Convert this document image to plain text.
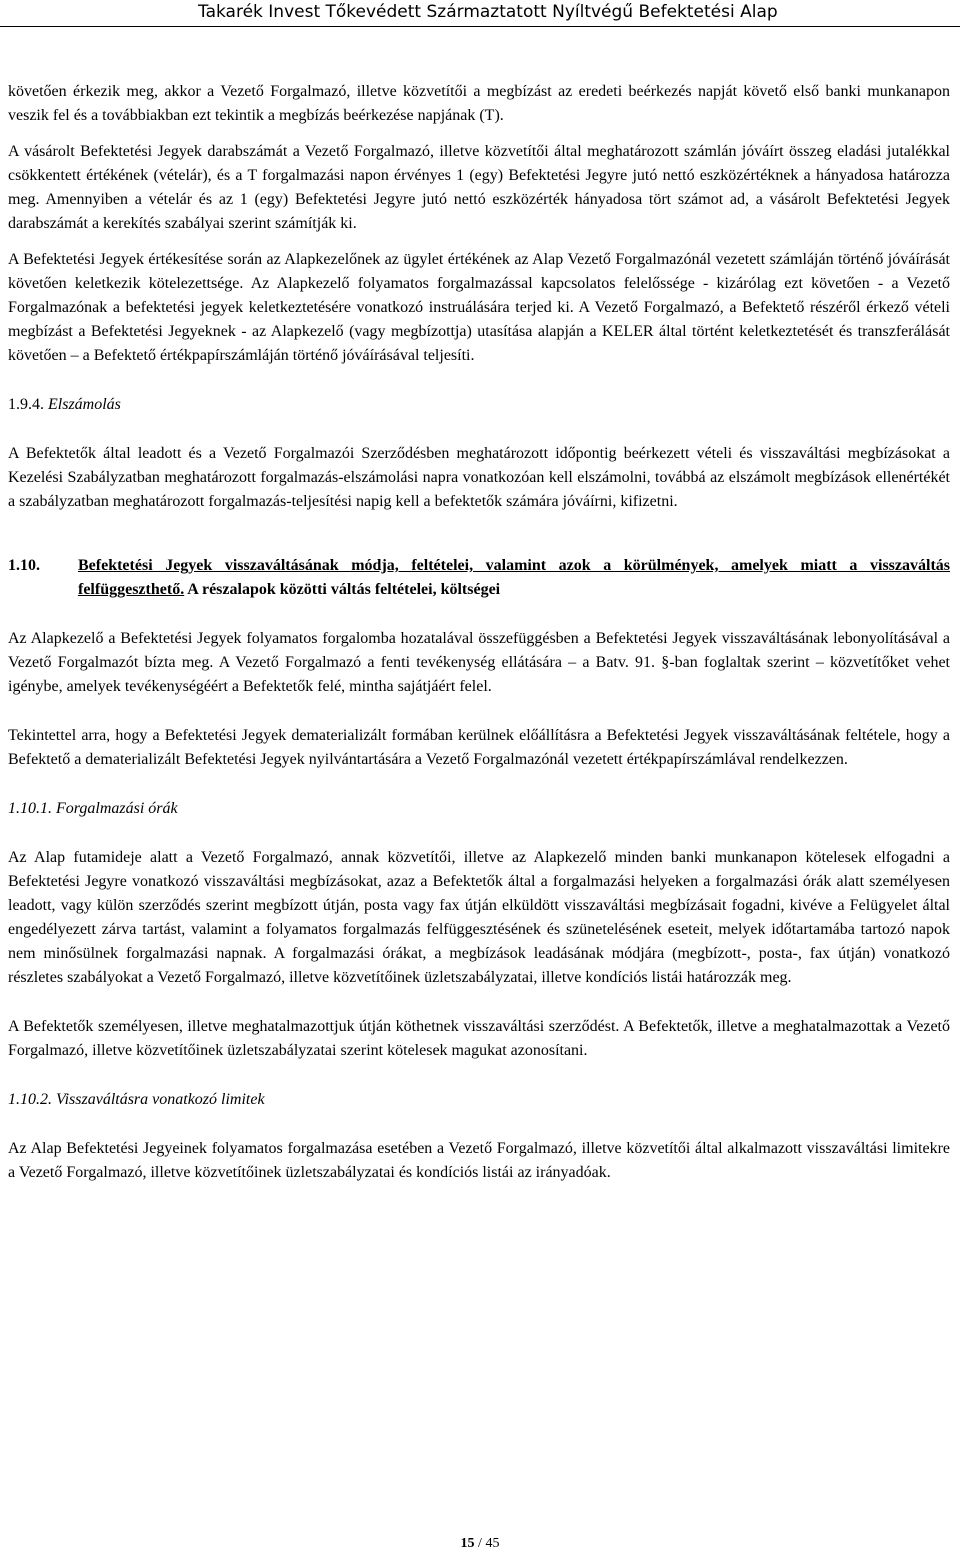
Takarék Invest Tőkevédett Származtatott Nyíltvégű Befektetési Alap

követően érkezik meg, akkor a Vezető Forgalmazó, illetve közvetítői a megbízást az eredeti beérkezés napját követő első banki munkanapon veszik fel és a továbbiakban ezt tekintik a megbízás beérkezése napjának (T).

A vásárolt Befektetési Jegyek darabszámát a Vezető Forgalmazó, illetve közvetítői által meghatározott számlán jóváírt összeg eladási jutalékkal csökkentett értékének (vételár), és a T forgalmazási napon érvényes 1 (egy) Befektetési Jegyre jutó nettó eszközértéknek a hányadosa határozza meg. Amennyiben a vételár és az 1 (egy) Befektetési Jegyre jutó nettó eszközérték hányadosa tört számot ad, a vásárolt Befektetési Jegyek darabszámát a kerekítés szabályai szerint számítják ki.

A Befektetési Jegyek értékesítése során az Alapkezelőnek az ügylet értékének az Alap Vezető Forgalmazónál vezetett számláján történő jóváírását követően keletkezik kötelezettsége. Az Alapkezelő folyamatos forgalmazással kapcsolatos felelőssége - kizárólag ezt követően - a Vezető Forgalmazónak a befektetési jegyek keletkeztetésére vonatkozó instruálására terjed ki. A Vezető Forgalmazó, a Befektető részéről érkező vételi megbízást a Befektetési Jegyeknek - az Alapkezelő (vagy megbízottja) utasítása alapján a KELER által történt keletkeztetését és transzferálását követően – a Befektető értékpapírszámláján történő jóváírásával teljesíti.

1.9.4. Elszámolás

A Befektetők által leadott és a Vezető Forgalmazói Szerződésben meghatározott időpontig beérkezett vételi és visszaváltási megbízásokat a Kezelési Szabályzatban meghatározott forgalmazás-elszámolási napra vonatkozóan kell elszámolni, továbbá az elszámolt megbízások ellenértékét a szabályzatban meghatározott forgalmazás-teljesítési napig kell a befektetők számára jóváírni, kifizetni.

1.10.	Befektetési Jegyek visszaváltásának módja, feltételei, valamint azok a körülmények, amelyek miatt a visszaváltás felfüggeszthető. A részalapok közötti váltás feltételei, költségei

Az Alapkezelő a Befektetési Jegyek folyamatos forgalomba hozatalával összefüggésben a Befektetési Jegyek visszaváltásának lebonyolításával a Vezető Forgalmazót bízta meg. A Vezető Forgalmazó a fenti tevékenység ellátására – a Batv. 91. §-ban foglaltak szerint – közvetítőket vehet igénybe, amelyek tevékenységéért a Befektetők felé, mintha sajátjáért felel.

Tekintettel arra, hogy a Befektetési Jegyek dematerializált formában kerülnek előállításra a Befektetési Jegyek visszaváltásának feltétele, hogy a Befektető a dematerializált Befektetési Jegyek nyilvántartására a Vezető Forgalmazónál vezetett értékpapírszámlával rendelkezzen.

1.10.1. Forgalmazási órák

Az Alap futamideje alatt a Vezető Forgalmazó, annak közvetítői, illetve az Alapkezelő minden banki munkanapon kötelesek elfogadni a Befektetési Jegyre vonatkozó visszaváltási megbízásokat, azaz a Befektetők által a forgalmazási helyeken a forgalmazási órák alatt személyesen leadott, vagy külön szerződés szerint megbízott útján, posta vagy fax útján elküldött visszaváltási megbízásait fogadni, kivéve a Felügyelet által engedélyezett zárva tartást, valamint a folyamatos forgalmazás felfüggesztésének és szünetelésének eseteit, melyek időtartamába tartozó napok nem minősülnek forgalmazási napnak. A forgalmazási órákat, a megbízások leadásának módjára (megbízott-, posta-, fax útján) vonatkozó részletes szabályokat a Vezető Forgalmazó, illetve közvetítőinek üzletszabályzatai, illetve kondíciós listái határozzák meg.

A Befektetők személyesen, illetve meghatalmazottjuk útján köthetnek visszaváltási szerződést. A Befektetők, illetve a meghatalmazottak a Vezető Forgalmazó, illetve közvetítőinek üzletszabályzatai szerint kötelesek magukat azonosítani.

1.10.2. Visszaváltásra vonatkozó limitek

Az Alap Befektetési Jegyeinek folyamatos forgalmazása esetében a Vezető Forgalmazó, illetve közvetítői által alkalmazott visszaváltási limitekre a Vezető Forgalmazó, illetve közvetítőinek üzletszabályzatai és kondíciós listái az irányadóak.

15 / 45
